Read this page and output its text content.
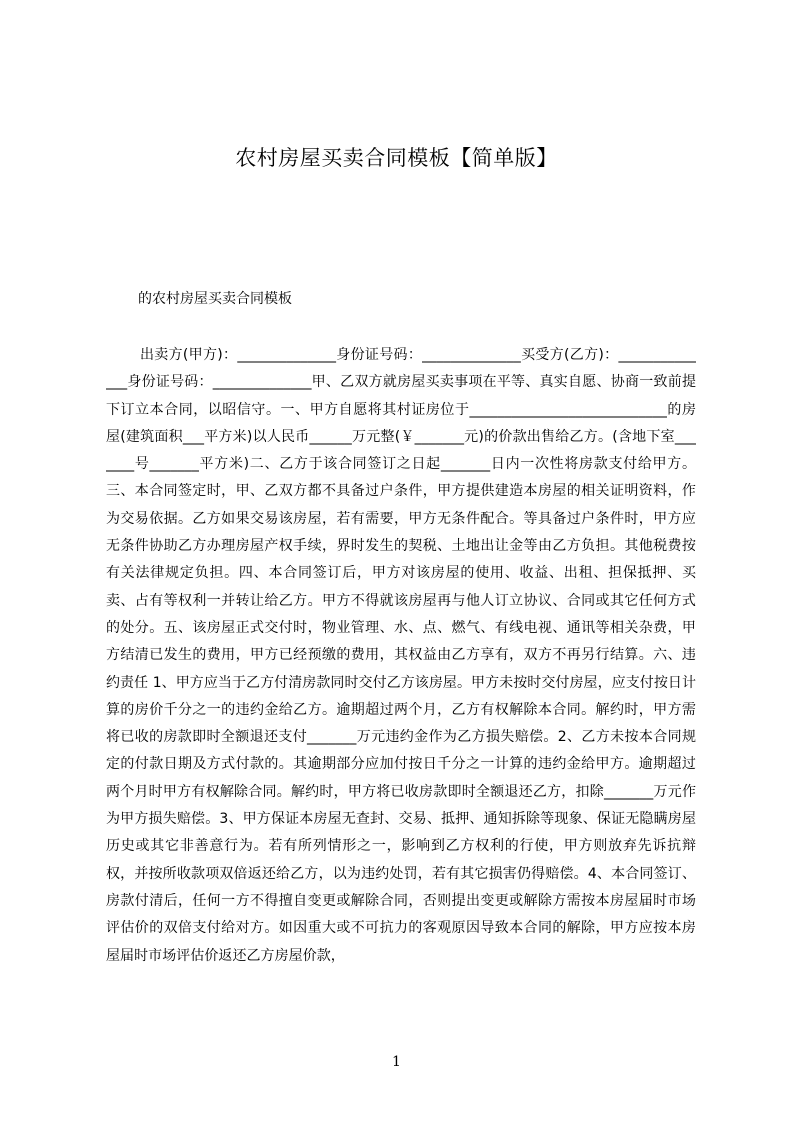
农村房屋买卖合同模板【简单版】
的农村房屋买卖合同模板
出卖方(甲方)：______________身份证号码：______________买受方(乙方)：______________身份证号码：______________甲、乙双方就房屋买卖事项在平等、真实自愿、协商一致前提下订立本合同，以昭信守。一、甲方自愿将其村证房位于____________________________的房屋(建筑面积___平方米)以人民币______万元整(￥_______元)的价款出售给乙方。(含地下室_______号_______平方米)二、乙方于该合同签订之日起_______日内一次性将房款支付给甲方。三、本合同签定时，甲、乙双方都不具备过户条件，甲方提供建造本房屋的相关证明资料，作为交易依据。乙方如果交易该房屋，若有需要，甲方无条件配合。等具备过户条件时，甲方应无条件协助乙方办理房屋产权手续，界时发生的契税、土地出让金等由乙方负担。其他税费按有关法律规定负担。四、本合同签订后，甲方对该房屋的使用、收益、出租、担保抵押、买卖、占有等权利一并转让给乙方。甲方不得就该房屋再与他人订立协议、合同或其它任何方式的处分。五、该房屋正式交付时，物业管理、水、点、燃气、有线电视、通讯等相关杂费，甲方结清已发生的费用，甲方已经预缴的费用，其权益由乙方享有，双方不再另行结算。六、违约责任 1、甲方应当于乙方付清房款同时交付乙方该房屋。甲方未按时交付房屋，应支付按日计算的房价千分之一的违约金给乙方。逾期超过两个月，乙方有权解除本合同。解约时，甲方需将已收的房款即时全额退还支付_______万元违约金作为乙方损失赔偿。2、乙方未按本合同规定的付款日期及方式付款的。其逾期部分应加付按日千分之一计算的违约金给甲方。逾期超过两个月时甲方有权解除合同。解约时，甲方将已收房款即时全额退还乙方，扣除_______万元作为甲方损失赔偿。3、甲方保证本房屋无查封、交易、抵押、通知拆除等现象、保证无隐瞒房屋历史或其它非善意行为。若有所列情形之一，影响到乙方权利的行使，甲方则放弃先诉抗辩权，并按所收款项双倍返还给乙方，以为违约处罚，若有其它损害仍得赔偿。4、本合同签订、房款付清后，任何一方不得擅自变更或解除合同，否则提出变更或解除方需按本房屋届时市场评估价的双倍支付给对方。如因重大或不可抗力的客观原因导致本合同的解除，甲方应按本房屋届时市场评估价返还乙方房屋价款，
1
